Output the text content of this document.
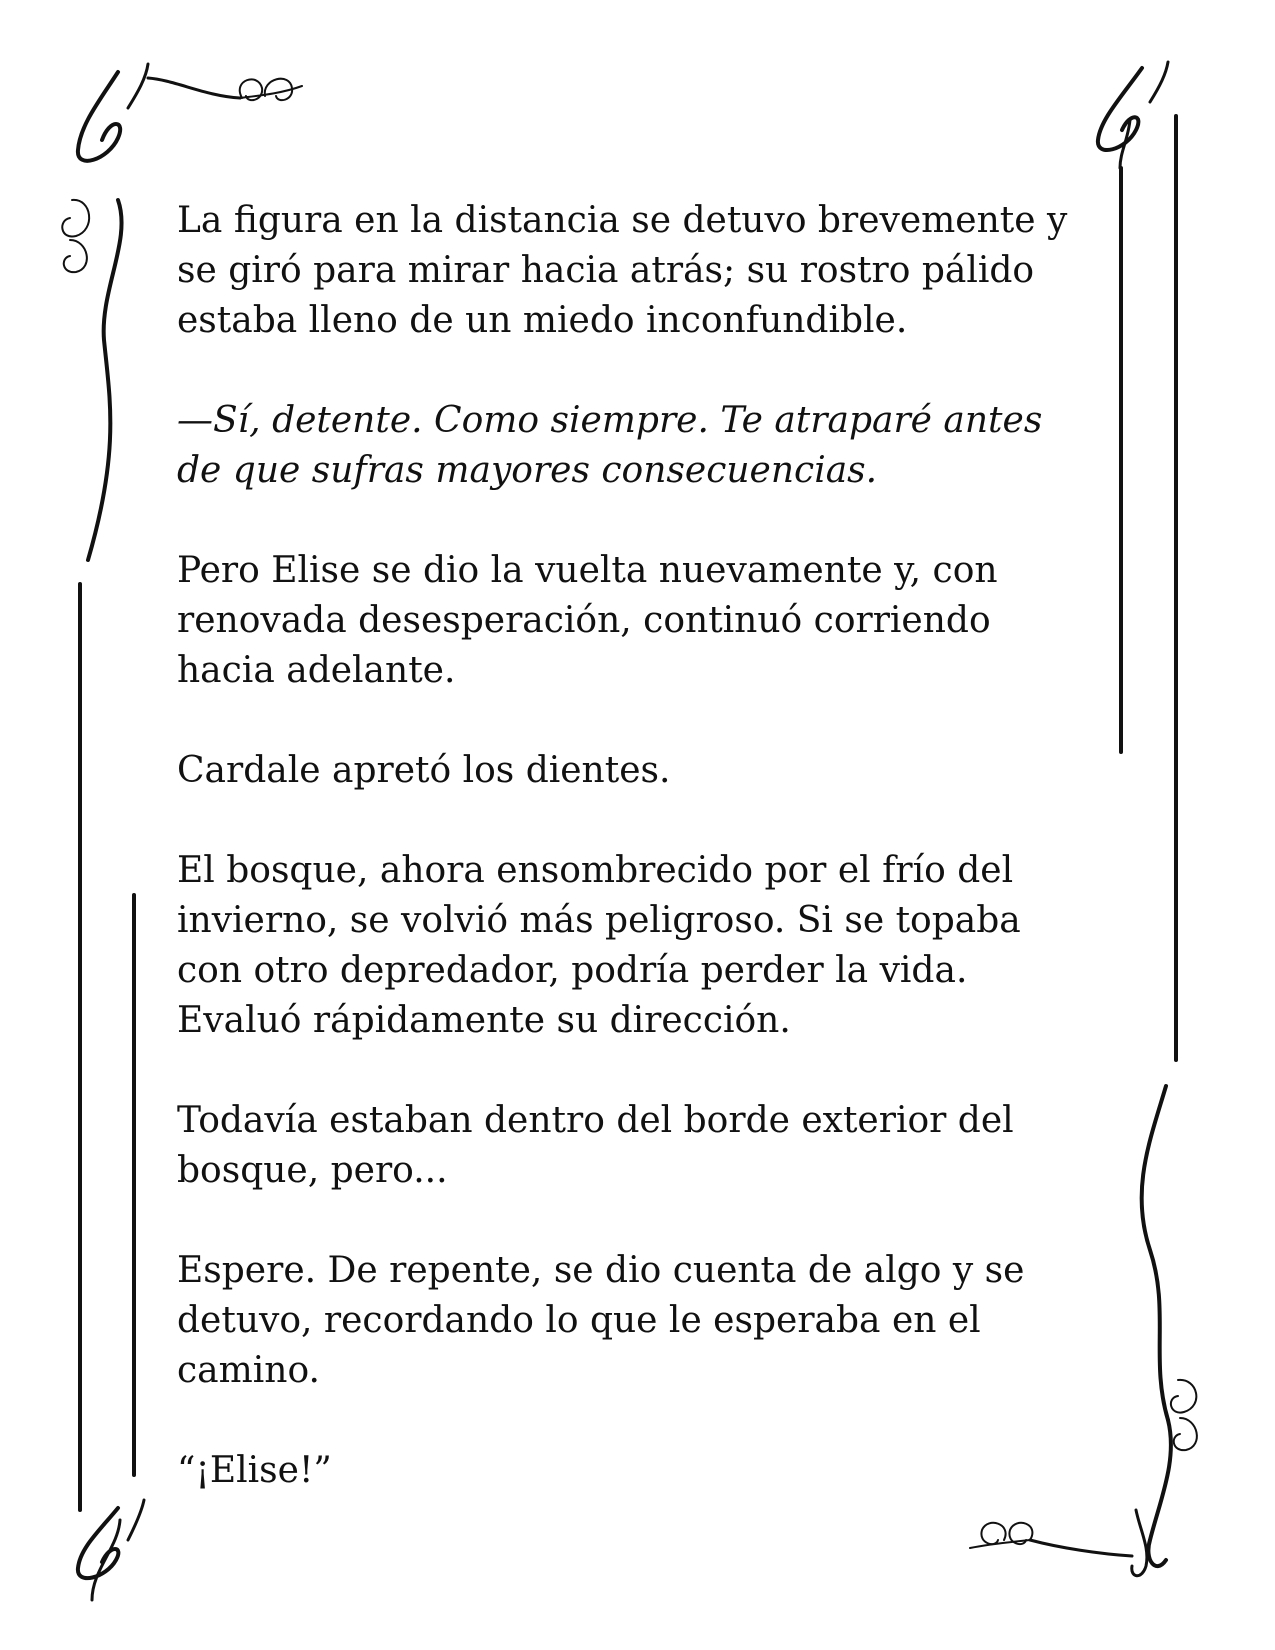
La figura en la distancia se detuvo brevemente y se giró para mirar hacia atrás; su rostro pálido estaba lleno de un miedo inconfundible.

—Sí, detente. Como siempre. Te atraparé antes de que sufras mayores consecuencias.

Pero Elise se dio la vuelta nuevamente y, con renovada desesperación, continuó corriendo hacia adelante.

Cardale apretó los dientes.

El bosque, ahora ensombrecido por el frío del invierno, se volvió más peligroso. Si se topaba con otro depredador, podría perder la vida. Evaluó rápidamente su dirección.

Todavía estaban dentro del borde exterior del bosque, pero...

Espere. De repente, se dio cuenta de algo y se detuvo, recordando lo que le esperaba en el camino.

“¡Elise!”
